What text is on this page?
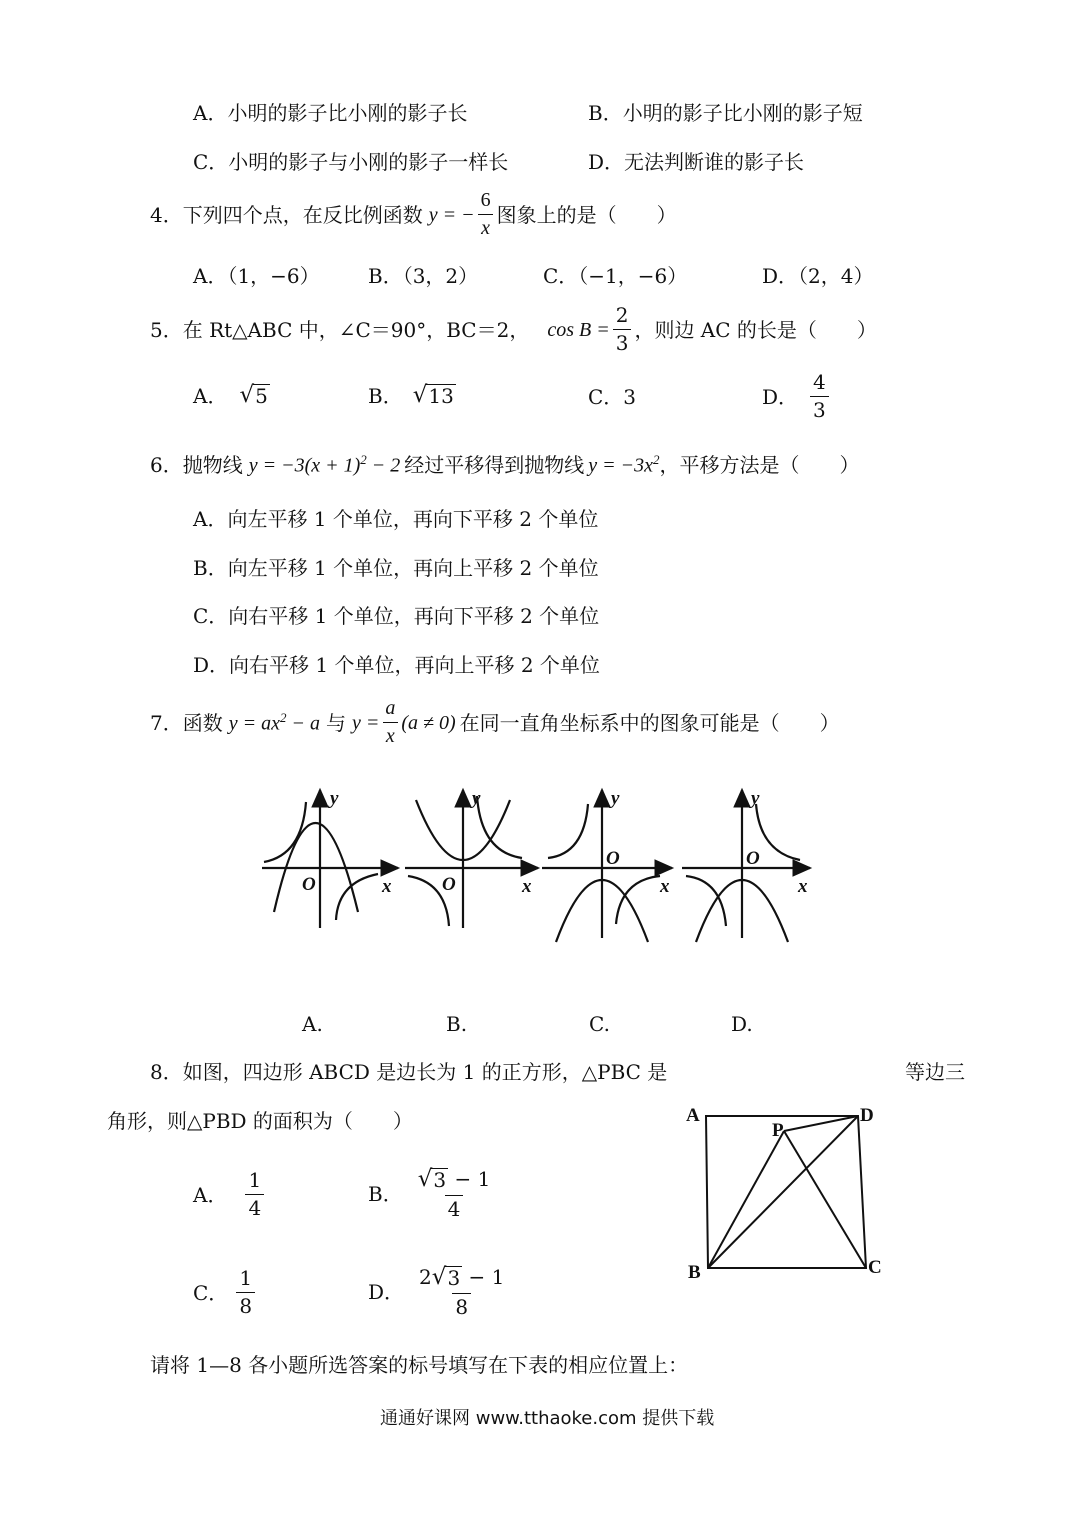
A．小明的影子比小刚的影子长	B．小明的影子比小刚的影子短
C．小明的影子与小刚的影子一样长	D．无法判断谁的影子长
4．下列四个点，在反比例函数 y = − $\frac{6}{x}$ 图象上的是（　　）
A．（1，−6） B．（3，2）	C．（−1，−6）	D．（2，4）
5．在 Rt△ABC 中，∠C＝90°，BC＝2， $\cos B = \frac{2}{3}$ ，则边 AC 的长是（　　）
A． √ 5	B． √ 13	C．3	D． $\frac{4}{3}$
6．抛物线 $y = -3(x + 1)^2 - 2$ 经过平移得到抛物线 $y = -3x^2$ ，平移方法是（　　）
A．向左平移 1 个单位，再向下平移 2 个单位
B．向左平移 1 个单位，再向上平移 2 个单位
C．向右平移 1 个单位，再向下平移 2 个单位
D．向右平移 1 个单位，再向上平移 2 个单位
7．函数 $y = ax^2 - a$ 与 $y = \frac{a}{x} (a \ne 0)$ 在同一直角坐标系中的图象可能是（　　）
y
x
O
y
x
O
y
x
O
y
x
O
A.	B.	C.	D.
8．如图，四边形 ABCD 是边长为 1 的正方形，△PBC 是	等边三
角形，则△PBD 的面积为（　　）
A． $\frac{1}{4}$	B． $\frac{√ 3 - 1}{4}$
C． $\frac{1}{8}$	D． $\frac{2 √ 3 - 1}{8}$
A	D
P
B	C
请将 1—8 各小题所选答案的标号填写在下表的相应位置上：
通通好课网 www.tthaoke.com 提供下载
